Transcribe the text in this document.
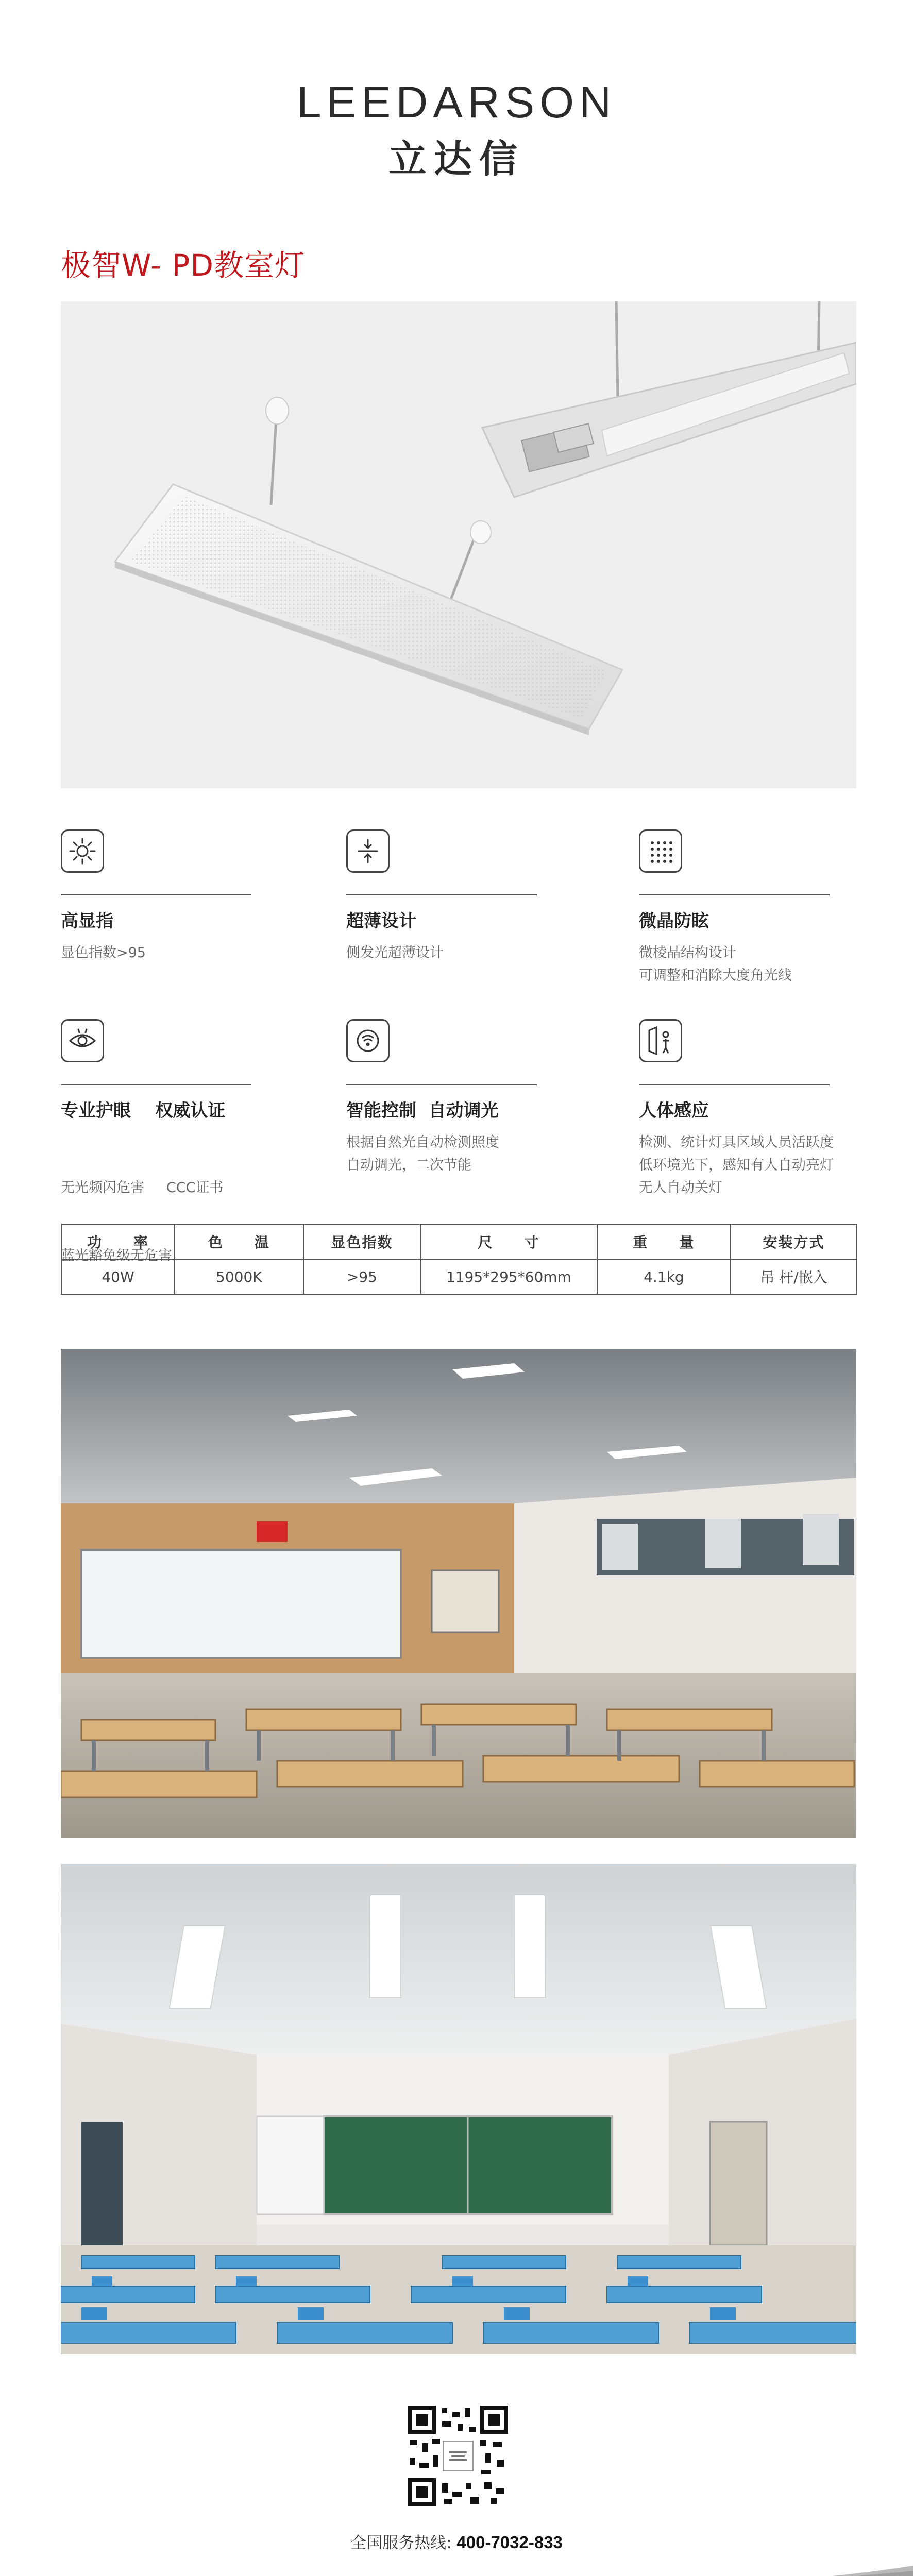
LEEDARSON
立达信
极智W- PD教室灯
高显指
显色指数>95
超薄设计
侧发光超薄设计
微晶防眩
微棱晶结构设计
可调整和消除大度角光线
专业护眼    权威认证

无光频闪危害     CCC证书

蓝光豁免级无危害

智能控制  自动调光
根据自然光自动检测照度
自动调光，二次节能
人体感应
检测、统计灯具区域人员活跃度
低环境光下，感知有人自动亮灯
无人自动关灯
功　　率	色　　温	显色指数	尺　　寸	重　　量	安装方式
40W	5000K	>95	1195*295*60mm	4.1kg	吊 杆/嵌入
全国服务热线: 400-7032-833
